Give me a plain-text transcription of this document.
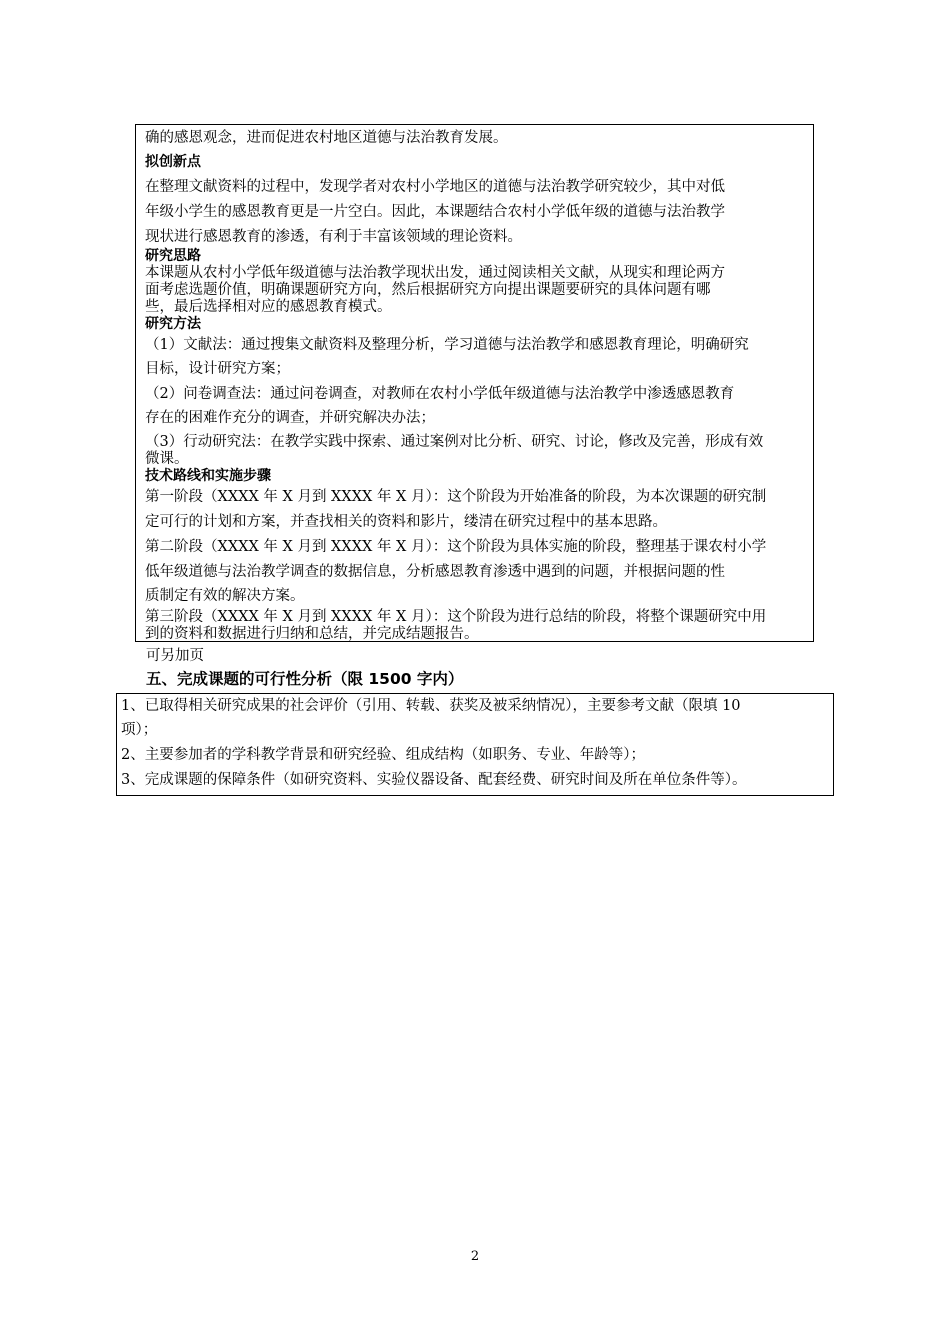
确的感恩观念，进而促进农村地区道德与法治教育发展。
拟创新点
在整理文献资料的过程中，发现学者对农村小学地区的道德与法治教学研究较少，其中对低
年级小学生的感恩教育更是一片空白。因此，本课题结合农村小学低年级的道德与法治教学
现状进行感恩教育的渗透，有利于丰富该领域的理论资料。
研究思路
本课题从农村小学低年级道德与法治教学现状出发，通过阅读相关文献，从现实和理论两方
面考虑选题价值，明确课题研究方向，然后根据研究方向提出课题要研究的具体问题有哪
些，最后选择相对应的感恩教育模式。
研究方法
（1）文献法：通过搜集文献资料及整理分析，学习道德与法治教学和感恩教育理论，明确研究
目标，设计研究方案；
（2）问卷调查法：通过问卷调查，对教师在农村小学低年级道德与法治教学中渗透感恩教育
存在的困难作充分的调查，并研究解决办法；
（3）行动研究法：在教学实践中探索、通过案例对比分析、研究、讨论，修改及完善，形成有效
微课。
技术路线和实施步骤
第一阶段（XXXX 年 X 月到 XXXX 年 X 月）：这个阶段为开始准备的阶段，为本次课题的研究制
定可行的计划和方案，并查找相关的资料和影片，缕清在研究过程中的基本思路。
第二阶段（XXXX 年 X 月到 XXXX 年 X 月）：这个阶段为具体实施的阶段，整理基于课农村小学
低年级道德与法治教学调查的数据信息，分析感恩教育渗透中遇到的问题，并根据问题的性
质制定有效的解决方案。
第三阶段（XXXX 年 X 月到 XXXX 年 X 月）：这个阶段为进行总结的阶段，将整个课题研究中用
到的资料和数据进行归纳和总结，并完成结题报告。
可另加页
五、完成课题的可行性分析（限 1500 字内）
1、已取得相关研究成果的社会评价（引用、转载、获奖及被采纳情况），主要参考文献（限填 10
项）；
2、主要参加者的学科教学背景和研究经验、组成结构（如职务、专业、年龄等）；
3、完成课题的保障条件（如研究资料、实验仪器设备、配套经费、研究时间及所在单位条件等）。
2
